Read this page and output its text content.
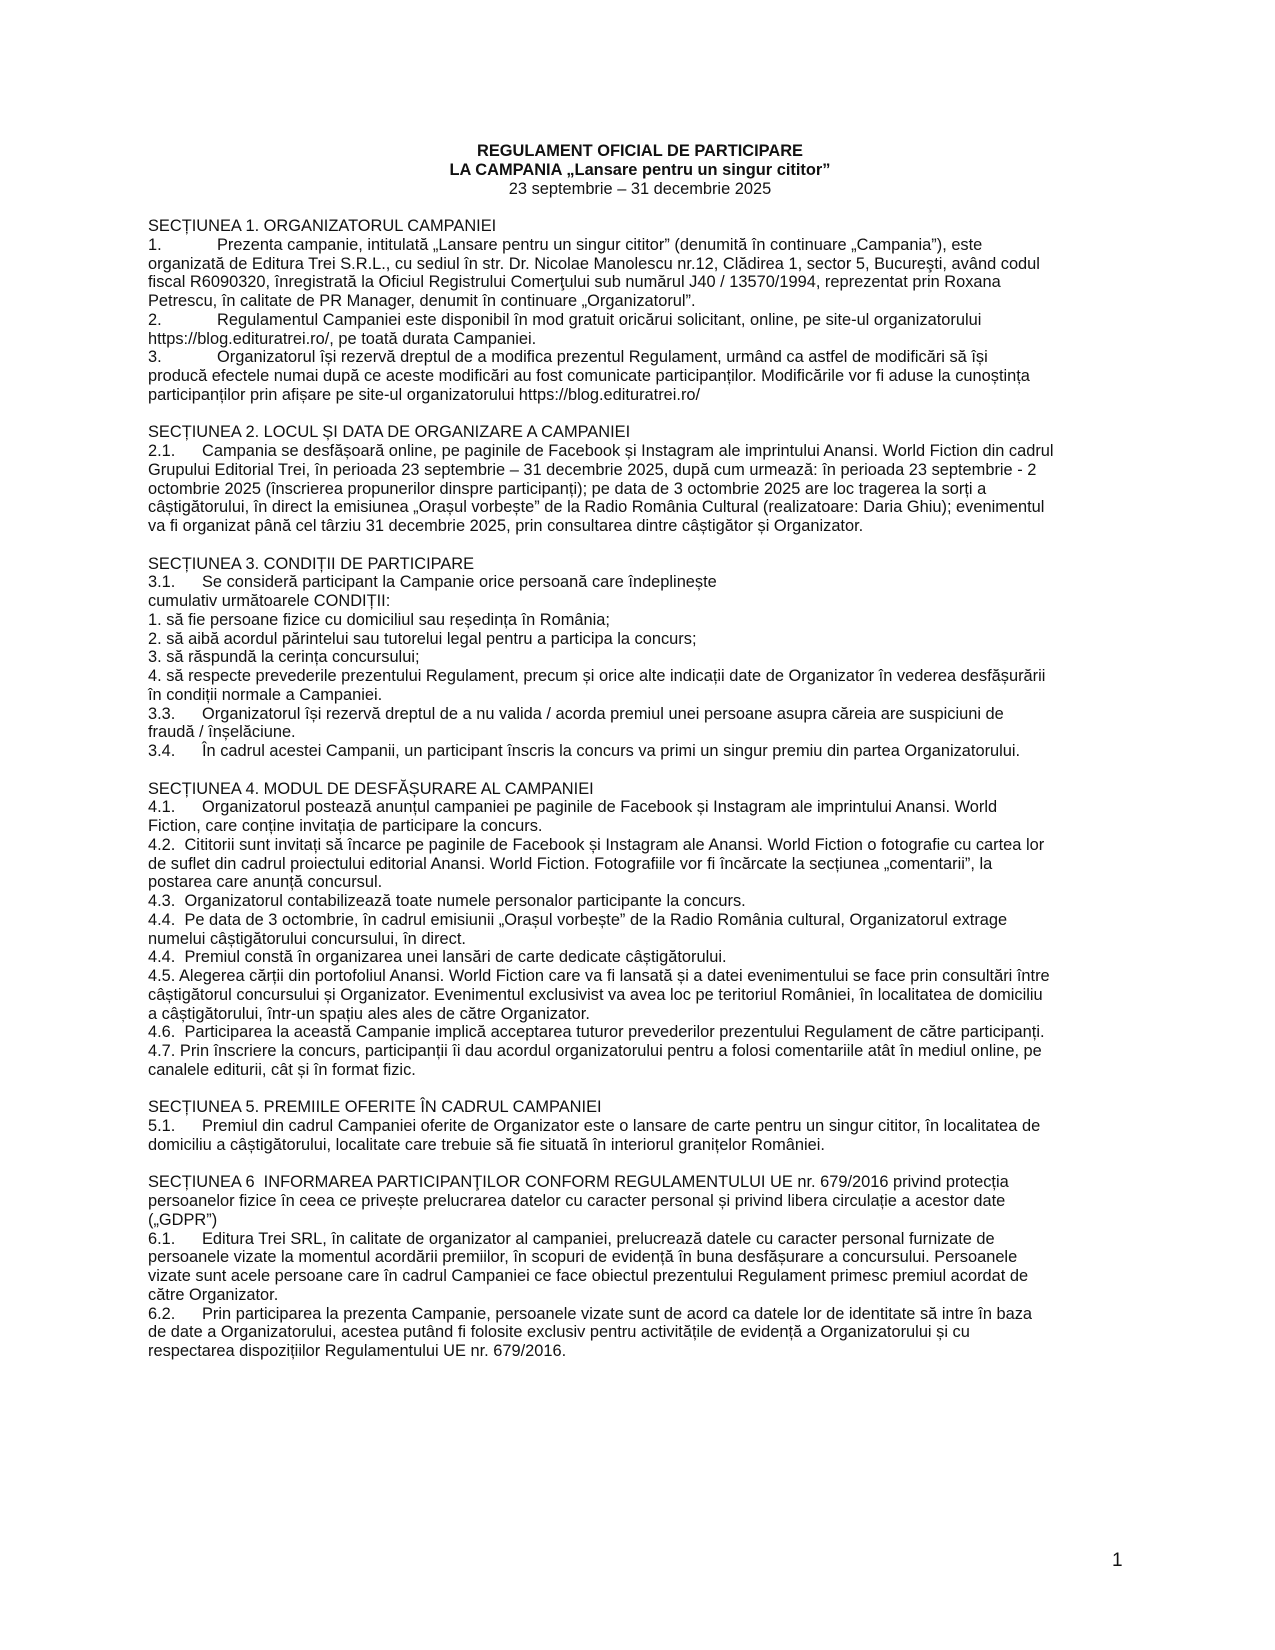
REGULAMENT OFICIAL DE PARTICIPARE
LA CAMPANIA „Lansare pentru un singur cititor”
23 septembrie – 31 decembrie 2025
SECȚIUNEA 1. ORGANIZATORUL CAMPANIEI
1.	Prezenta campanie, intitulată „Lansare pentru un singur cititor” (denumită în continuare „Campania”), este
organizată de Editura Trei S.R.L., cu sediul în str. Dr. Nicolae Manolescu nr.12, Clădirea 1, sector 5, Bucureşti, având codul
fiscal R6090320, înregistrată la Oficiul Registrului Comerţului sub numărul J40 / 13570/1994, reprezentat prin Roxana
Petrescu, în calitate de PR Manager, denumit în continuare „Organizatorul”.
2.	Regulamentul Campaniei este disponibil în mod gratuit oricărui solicitant, online, pe site-ul organizatorului
https://blog.edituratrei.ro/, pe toată durata Campaniei.
3.	Organizatorul își rezervă dreptul de a modifica prezentul Regulament, urmând ca astfel de modificări să își
producă efectele numai după ce aceste modificări au fost comunicate participanților. Modificările vor fi aduse la cunoștința
participanților prin afișare pe site-ul organizatorului https://blog.edituratrei.ro/
SECȚIUNEA 2. LOCUL ȘI DATA DE ORGANIZARE A CAMPANIEI
2.1. Campania se desfășoară online, pe paginile de Facebook și Instagram ale imprintului Anansi. World Fiction din cadrul
Grupului Editorial Trei, în perioada 23 septembrie – 31 decembrie 2025, după cum urmează: în perioada 23 septembrie - 2
octombrie 2025 (înscrierea propunerilor dinspre participanți); pe data de 3 octombrie 2025 are loc tragerea la sorți a
câștigătorului, în direct la emisiunea „Orașul vorbește” de la Radio România Cultural (realizatoare: Daria Ghiu); evenimentul
va fi organizat până cel târziu 31 decembrie 2025, prin consultarea dintre câștigător și Organizator.
SECȚIUNEA 3. CONDIȚII DE PARTICIPARE
3.1. Se consideră participant la Campanie orice persoană care îndeplinește
cumulativ următoarele CONDIȚII:
1. să fie persoane fizice cu domiciliul sau reședința în România;
2. să aibă acordul părintelui sau tutorelui legal pentru a participa la concurs;
3. să răspundă la cerința concursului;
4. să respecte prevederile prezentului Regulament, precum și orice alte indicații date de Organizator în vederea desfășurării
în condiții normale a Campaniei.
3.3. Organizatorul își rezervă dreptul de a nu valida / acorda premiul unei persoane asupra căreia are suspiciuni de
fraudă / înșelăciune.
3.4. În cadrul acestei Campanii, un participant înscris la concurs va primi un singur premiu din partea Organizatorului.
SECȚIUNEA 4. MODUL DE DESFĂȘURARE AL CAMPANIEI
4.1. Organizatorul postează anunțul campaniei pe paginile de Facebook și Instagram ale imprintului Anansi. World
Fiction, care conține invitația de participare la concurs.
4.2.  Cititorii sunt invitați să încarce pe paginile de Facebook și Instagram ale Anansi. World Fiction o fotografie cu cartea lor
de suflet din cadrul proiectului editorial Anansi. World Fiction. Fotografiile vor fi încărcate la secțiunea „comentarii”, la
postarea care anunță concursul.
4.3.  Organizatorul contabilizează toate numele personalor participante la concurs.
4.4.  Pe data de 3 octombrie, în cadrul emisiunii „Orașul vorbește” de la Radio România cultural, Organizatorul extrage
numelui câștigătorului concursului, în direct.
4.4.  Premiul constă în organizarea unei lansări de carte dedicate câștigătorului.
4.5. Alegerea cărții din portofoliul Anansi. World Fiction care va fi lansată și a datei evenimentului se face prin consultări între
câștigătorul concursului și Organizator. Evenimentul exclusivist va avea loc pe teritoriul României, în localitatea de domiciliu
a câștigătorului, într-un spațiu ales ales de către Organizator.
4.6.  Participarea la această Campanie implică acceptarea tuturor prevederilor prezentului Regulament de către participanți.
4.7. Prin înscriere la concurs, participanții îi dau acordul organizatorului pentru a folosi comentariile atât în mediul online, pe
canalele editurii, cât și în format fizic.
SECȚIUNEA 5. PREMIILE OFERITE ÎN CADRUL CAMPANIEI
5.1. Premiul din cadrul Campaniei oferite de Organizator este o lansare de carte pentru un singur cititor, în localitatea de
domiciliu a câștigătorului, localitate care trebuie să fie situată în interiorul granițelor României.
SECȚIUNEA 6  INFORMAREA PARTICIPANŢILOR CONFORM REGULAMENTULUI UE nr. 679/2016 privind protecția
persoanelor fizice în ceea ce privește prelucrarea datelor cu caracter personal și privind libera circulație a acestor date
(„GDPR”)
6.1. Editura Trei SRL, în calitate de organizator al campaniei, prelucrează datele cu caracter personal furnizate de
persoanele vizate la momentul acordării premiilor, în scopuri de evidență în buna desfășurare a concursului. Persoanele
vizate sunt acele persoane care în cadrul Campaniei ce face obiectul prezentului Regulament primesc premiul acordat de
către Organizator.
6.2. Prin participarea la prezenta Campanie, persoanele vizate sunt de acord ca datele lor de identitate să intre în baza
de date a Organizatorului, acestea putând fi folosite exclusiv pentru activitățile de evidență a Organizatorului și cu
respectarea dispozițiilor Regulamentului UE nr. 679/2016.
1
